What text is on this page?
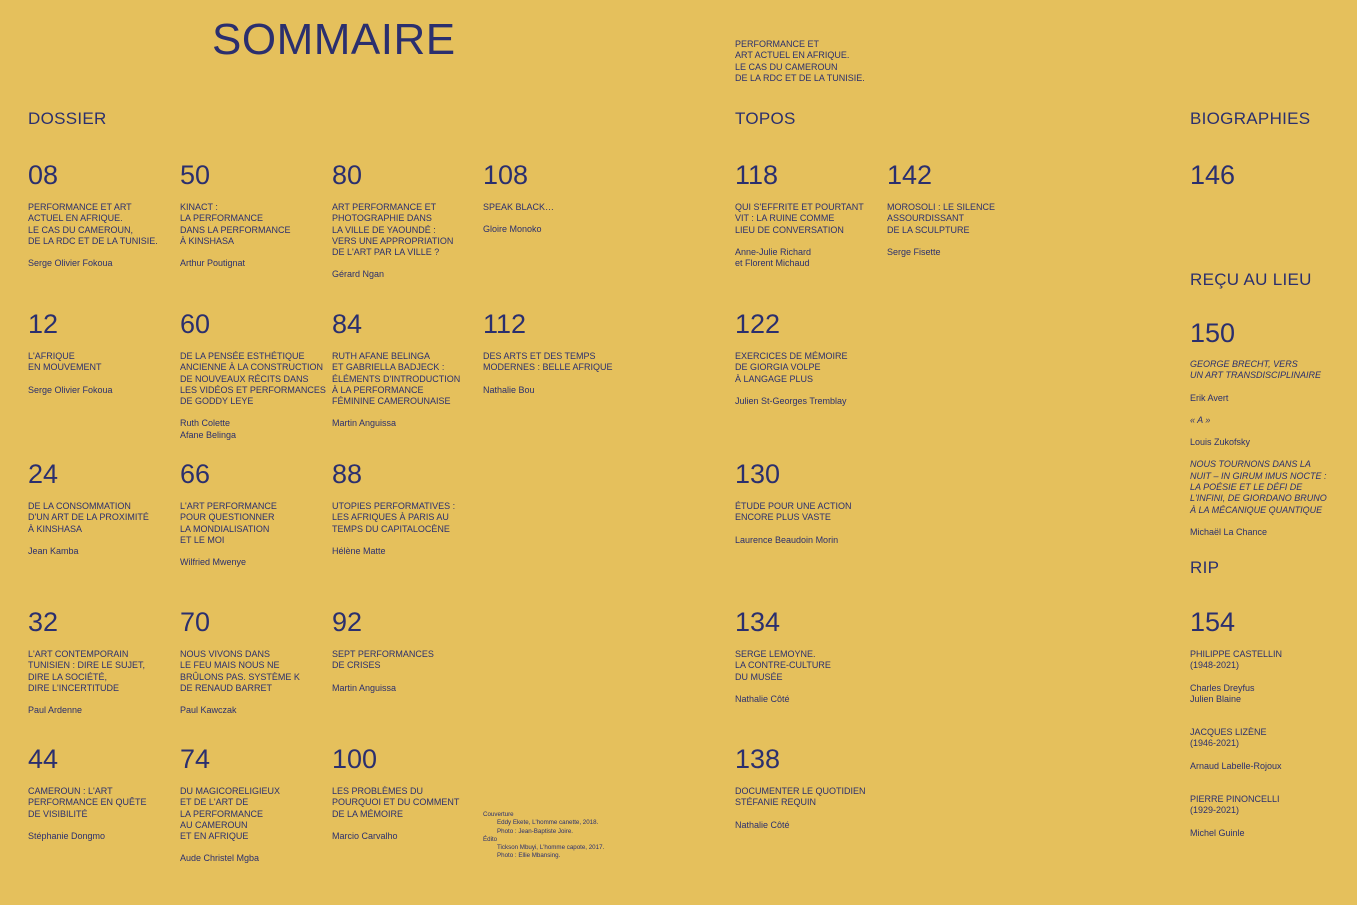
SOMMAIRE	PERFORMANCE ET
ART ACTUEL EN AFRIQUE.
LE CAS DU CAMEROUN
DE LA RDC ET DE LA TUNISIE.
DOSSIER	TOPOS	BIOGRAPHIES
REÇU AU LIEU
RIP
08
PERFORMANCE ET ART
ACTUEL EN AFRIQUE.
LE CAS DU CAMEROUN,
DE LA RDC ET DE LA TUNISIE.
Serge Olivier Fokoua
50
KINACT :
LA PERFORMANCE
DANS LA PERFORMANCE
À KINSHASA
Arthur Poutignat
80
ART PERFORMANCE ET
PHOTOGRAPHIE DANS
LA VILLE DE YAOUNDÉ :
VERS UNE APPROPRIATION
DE L'ART PAR LA VILLE ?
Gérard Ngan
108
SPEAK BLACK…
Gloire Monoko
12
L'AFRIQUE
EN MOUVEMENT
Serge Olivier Fokoua
60
DE LA PENSÉE ESTHÉTIQUE
ANCIENNE À LA CONSTRUCTION
DE NOUVEAUX RÉCITS DANS
LES VIDÉOS ET PERFORMANCES
DE GODDY LEYE
Ruth Colette
Afane Belinga
84
RUTH AFANE BELINGA
ET GABRIELLA BADJECK :
ÉLÉMENTS D'INTRODUCTION
À LA PERFORMANCE
FÉMININE CAMEROUNAISE
Martin Anguissa
112
DES ARTS ET DES TEMPS
MODERNES : BELLE AFRIQUE
Nathalie Bou
24
DE LA CONSOMMATION
D'UN ART DE LA PROXIMITÉ
À KINSHASA
Jean Kamba
66
L'ART PERFORMANCE
POUR QUESTIONNER
LA MONDIALISATION
ET LE MOI
Wilfried Mwenye
88
UTOPIES PERFORMATIVES :
LES AFRIQUES À PARIS AU
TEMPS DU CAPITALOCÈNE
Hélène Matte
32
L'ART CONTEMPORAIN
TUNISIEN : DIRE LE SUJET,
DIRE LA SOCIÉTÉ,
DIRE L'INCERTITUDE
Paul Ardenne
70
NOUS VIVONS DANS
LE FEU MAIS NOUS NE
BRÛLONS PAS. SYSTÈME K
DE RENAUD BARRET
Paul Kawczak
92
SEPT PERFORMANCES
DE CRISES
Martin Anguissa
44
CAMEROUN : L'ART
PERFORMANCE EN QUÊTE
DE VISIBILITÉ
Stéphanie Dongmo
74
DU MAGICORELIGIEUX
ET DE L'ART DE
LA PERFORMANCE
AU CAMEROUN
ET EN AFRIQUE
Aude Christel Mgba
100
LES PROBLÈMES DU
POURQUOI ET DU COMMENT
DE LA MÉMOIRE
Marcio Carvalho
118
QUI S'EFFRITE ET POURTANT
VIT : LA RUINE COMME
LIEU DE CONVERSATION
Anne-Julie Richard
et Florent Michaud
142
MOROSOLI : LE SILENCE
ASSOURDISSANT
DE LA SCULPTURE
Serge Fisette
122
EXERCICES DE MÉMOIRE
DE GIORGIA VOLPE
À LANGAGE PLUS
Julien St-Georges Tremblay
130
ÉTUDE POUR UNE ACTION
ENCORE PLUS VASTE
Laurence Beaudoin Morin
134
SERGE LEMOYNE.
LA CONTRE-CULTURE
DU MUSÉE
Nathalie Côté
138
DOCUMENTER LE QUOTIDIEN
STÉFANIE REQUIN
Nathalie Côté
146
150
GEORGE BRECHT, VERS
UN ART TRANSDISCIPLINAIRE
Erik Avert
« A »
Louis Zukofsky
NOUS TOURNONS DANS LA
NUIT – IN GIRUM IMUS NOCTE :
LA POÉSIE ET LE DÉFI DE
L'INFINI, DE GIORDANO BRUNO
À LA MÉCANIQUE QUANTIQUE
Michaël La Chance
154
PHILIPPE CASTELLIN
(1948-2021)
Charles Dreyfus
Julien Blaine
JACQUES LIZÈNE
(1946-2021)
Arnaud Labelle-Rojoux
PIERRE PINONCELLI
(1929-2021)
Michel Guinle
Couverture
Eddy Ekete, L'homme canette, 2018.
Photo : Jean-Baptiste Joire.
Édito
Tickson Mbuyi, L'homme capote, 2017.
Photo : Ellie Mbansing.
